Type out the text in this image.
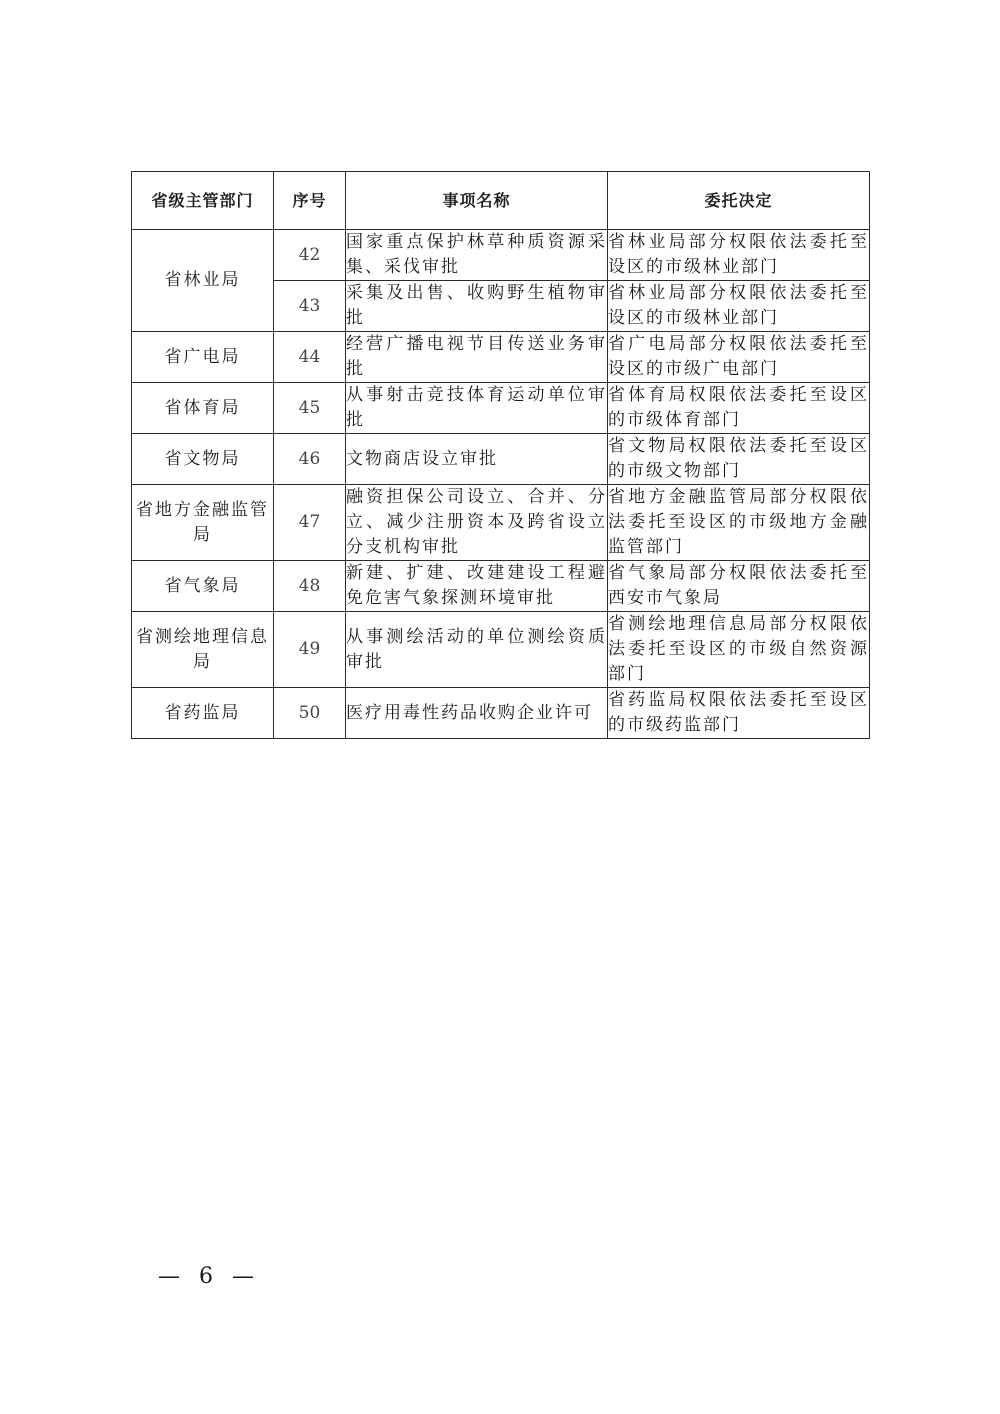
省级主管部门	序号	事项名称	委托决定
省林业局	42	国家重点保护林草种质资源采集、采伐审批	省林业局部分权限依法委托至设区的市级林业部门
	43	采集及出售、收购野生植物审批	省林业局部分权限依法委托至设区的市级林业部门
省广电局	44	经营广播电视节目传送业务审批	省广电局部分权限依法委托至设区的市级广电部门
省体育局	45	从事射击竞技体育运动单位审批	省体育局权限依法委托至设区的市级体育部门
省文物局	46	文物商店设立审批	省文物局权限依法委托至设区的市级文物部门
省地方金融监管局	47	融资担保公司设立、合并、分立、减少注册资本及跨省设立分支机构审批	省地方金融监管局部分权限依法委托至设区的市级地方金融监管部门
省气象局	48	新建、扩建、改建建设工程避免危害气象探测环境审批	省气象局部分权限依法委托至西安市气象局
省测绘地理信息局	49	从事测绘活动的单位测绘资质审批	省测绘地理信息局部分权限依法委托至设区的市级自然资源部门
省药监局	50	医疗用毒性药品收购企业许可	省药监局权限依法委托至设区的市级药监部门
— 6 —
